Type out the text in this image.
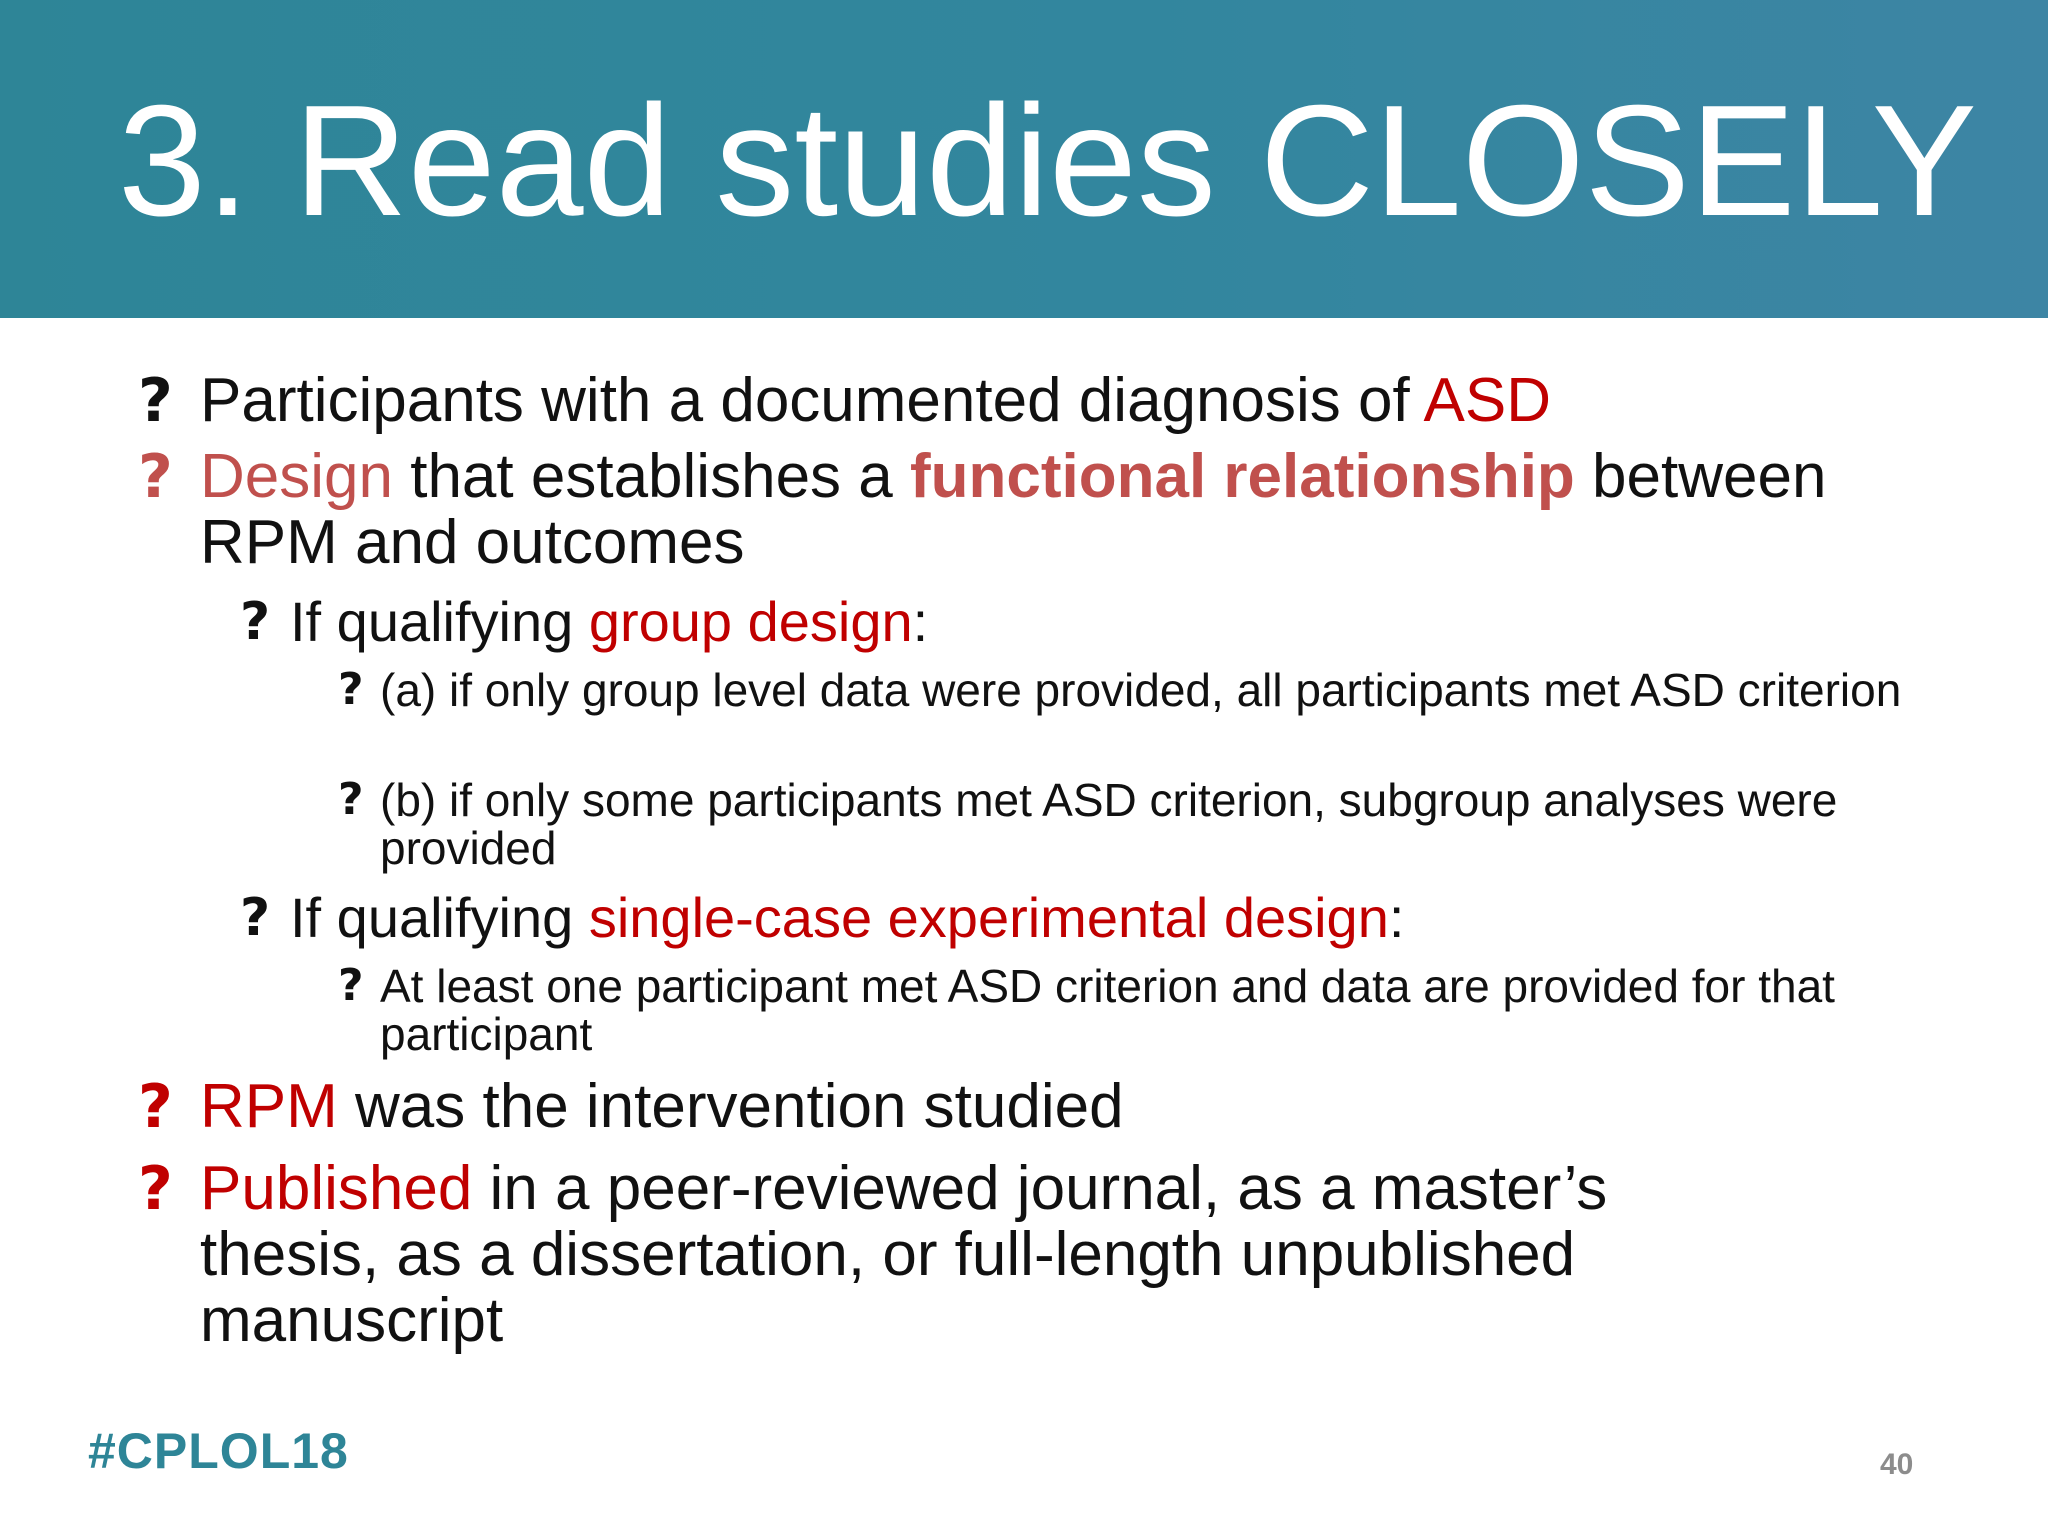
3. Read studies CLOSELY
? Participants with a documented diagnosis of ASD
? Design that establishes a functional relationship between RPM and outcomes
? If qualifying group design:
? (a) if only group level data were provided, all participants met ASD criterion
? (b) if only some participants met ASD criterion, subgroup analyses were provided
? If qualifying single-case experimental design:
? At least one participant met ASD criterion and data are provided for that participant
? RPM was the intervention studied
? Published in a peer-reviewed journal, as a master’s thesis, as a dissertation, or full-length unpublished manuscript
#CPLOL18	40
